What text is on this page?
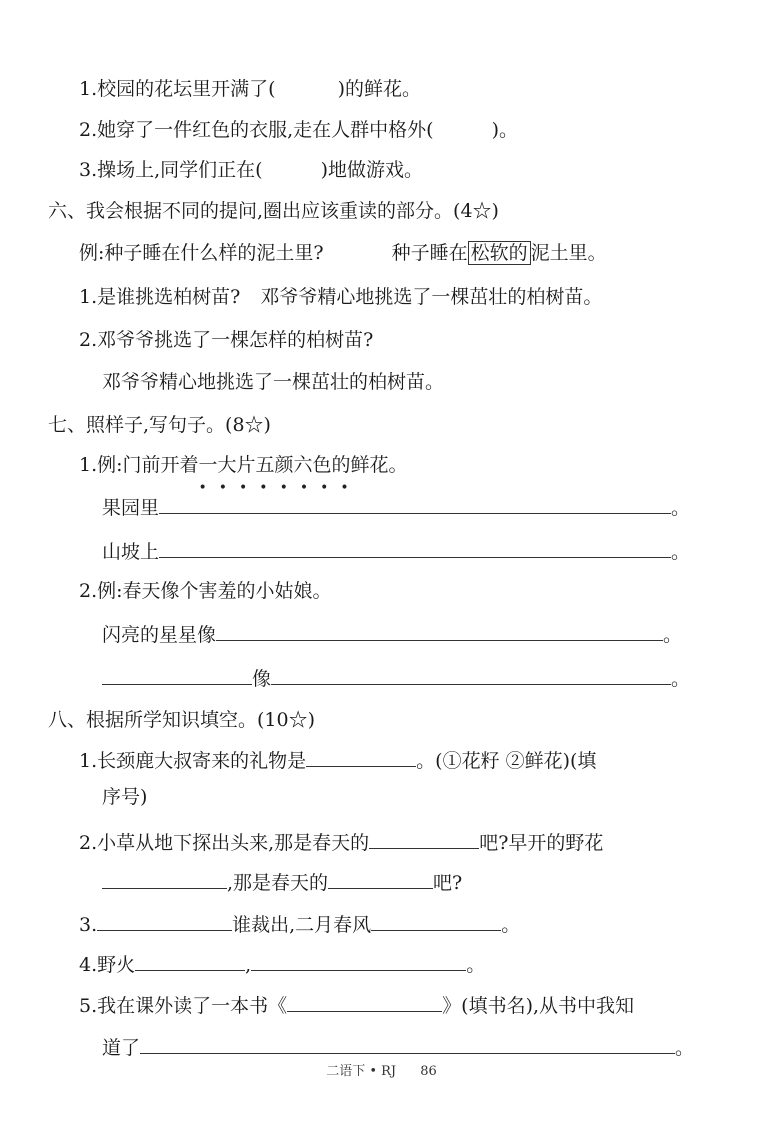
1.校园的花坛里开满了(	)的鲜花。
2.她穿了一件红色的衣服,走在人群中格外(	)。
3.操场上,同学们正在(	)地做游戏。
六、我会根据不同的提问,圈出应该重读的部分。(4☆)
例:种子睡在什么样的泥土里?	种子睡在 松软的 泥土里。
1.是谁挑选柏树苗? 邓爷爷精心地挑选了一棵茁壮的柏树苗。
2.邓爷爷挑选了一棵怎样的柏树苗?
邓爷爷精心地挑选了一棵茁壮的柏树苗。
七、照样子,写句子。(8☆)
1.例:门前开着一大片五颜六色
••••••••
的鲜花。
果园里	。
山坡上	。
2.例:春天像个害羞的小姑娘。
闪亮的星星像	。
像	。
八、根据所学知识填空。(10☆)
1.长颈鹿大叔寄来的礼物是	。(①花籽 ②鲜花)(填
序号)
2.小草从地下探出头来,那是春天的	吧?早开的野花
,那是春天的	吧?
3.	谁裁出,二月春风	。
4.野火	,	。
5.我在课外读了一本书《	》(填书名),从书中我知
道了	。
二语下 • RJ 86
